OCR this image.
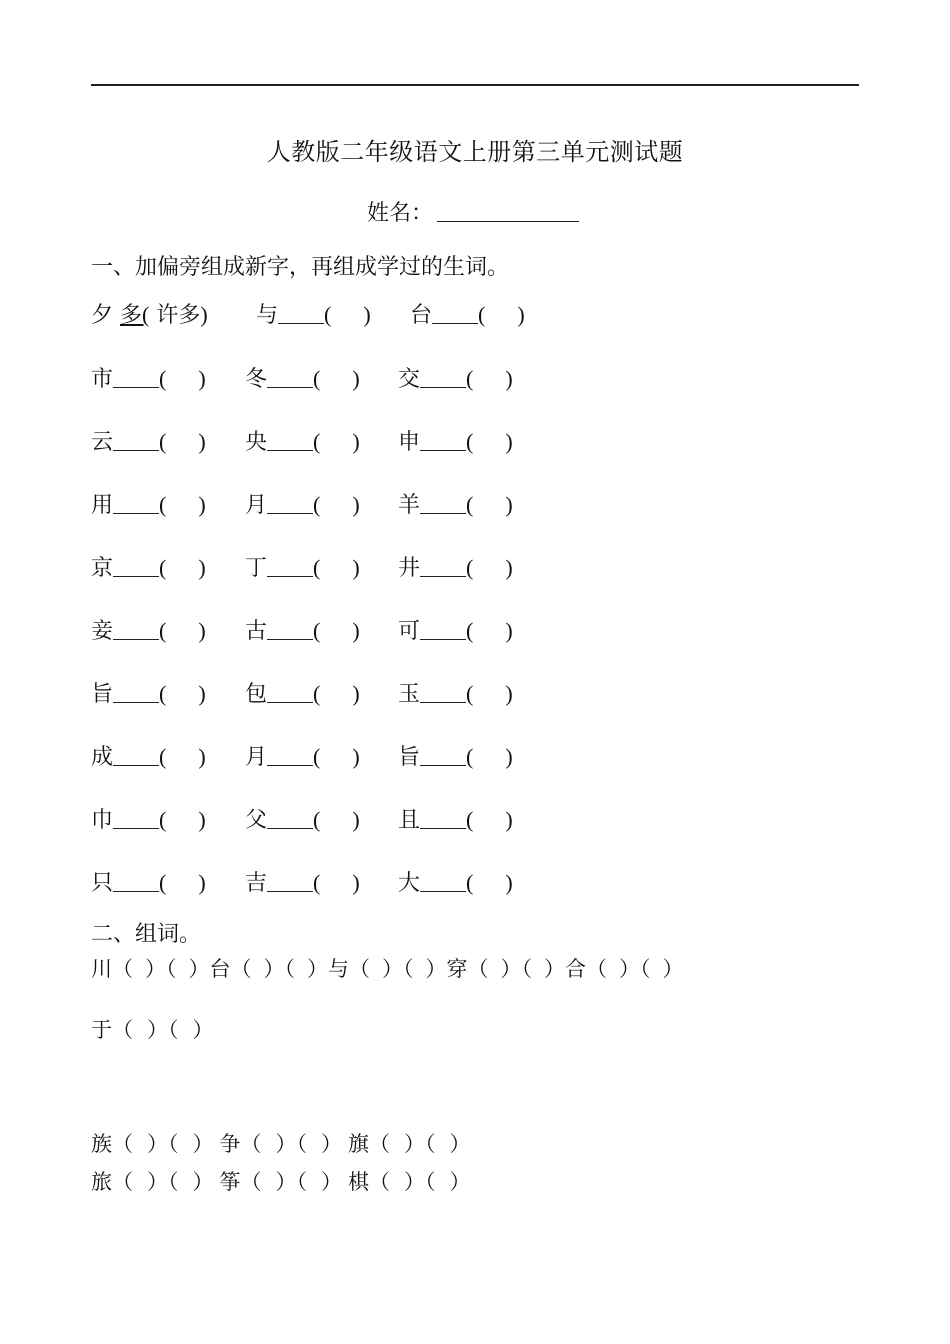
人教版二年级语文上册第三单元测试题
姓名：
一、加偏旁组成新字，再组成学过的生词。
夕 多( 许多) 与 ( ) 台 ( )
市 ( ) 冬 ( ) 交 ( )
云 ( ) 央 ( ) 申 ( )
用 ( ) 月 ( ) 羊 ( )
京 ( ) 丁 ( ) 井 ( )
妾 ( ) 古 ( ) 可 ( )
旨 ( ) 包 ( ) 玉 ( )
成 ( ) 月 ( ) 旨 ( )
巾 ( ) 父 ( ) 且 ( )
只 ( ) 吉 ( ) 大 ( )
二、组词。
川（ ）（ ）台（ ）（ ）与（ ）（ ）穿（ ）（ ）合（ ）（ ）
于（ ）（ ）
族（ ）（ ） 争（ ）（ ） 旗（ ）（ ）
旅（ ）（ ） 筝（ ）（ ） 棋（ ）（ ）
